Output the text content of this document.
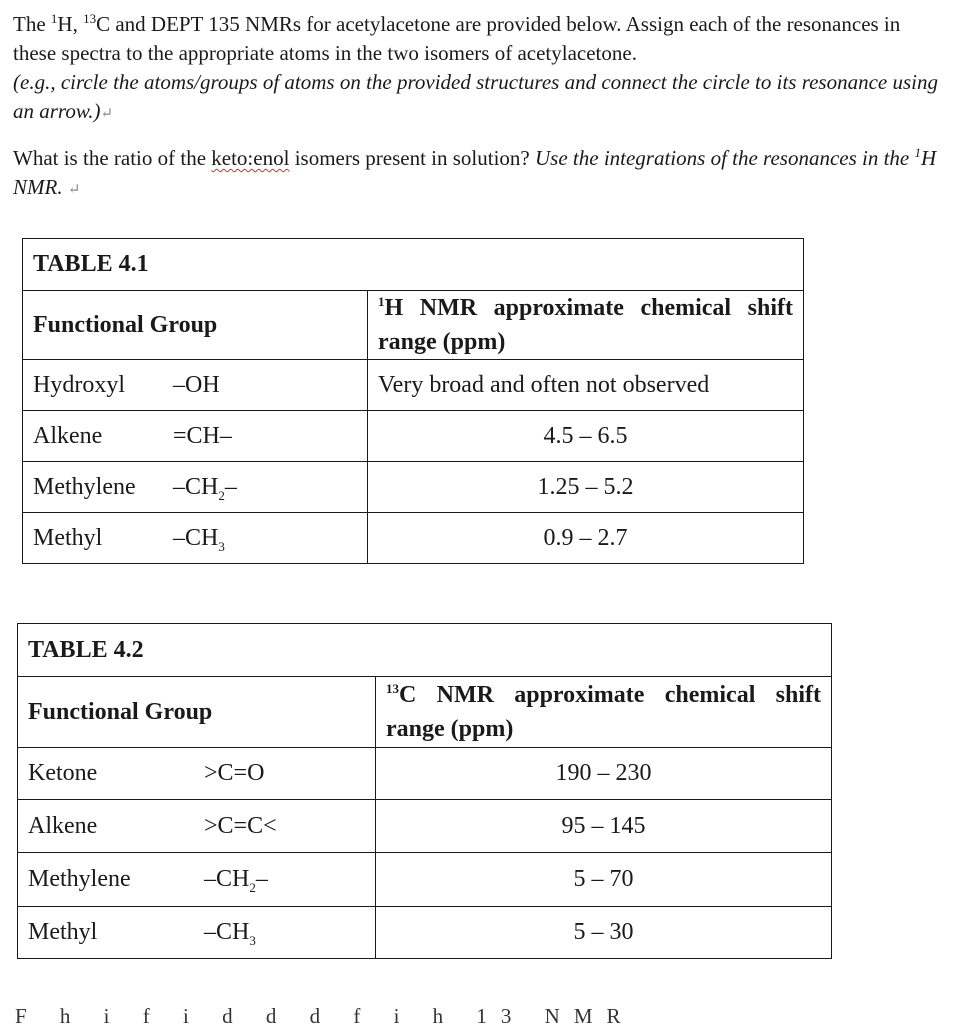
The $^1$H, $^{13}$C and DEPT 135 NMRs for acetylacetone are provided below. Assign each of the resonances in these spectra to the appropriate atoms in the two isomers of acetylacetone.
(e.g., circle the atoms/groups of atoms on the provided structures and connect the circle to its resonance using an arrow.)↵
What is the ratio of the keto:enol isomers present in solution? Use the integrations of the resonances in the $^1$H NMR. ↵
TABLE 4.1	
Functional Group	$^1$H NMR approximate chemical shift range (ppm)
Hydroxyl –OH	Very broad and often not observed
Alkene =CH–	4.5 – 6.5
Methylene $-CH_2-$	1.25 – 5.2
Methyl $-CH_3$	0.9 – 2.7
TABLE 4.2	
Functional Group	$^{13}$C NMR approximate chemical shift range (ppm)
Ketone >C=O	190 – 230
Alkene >C=C<	95 – 145
Methylene $-CH_2-$	5 – 70
Methyl $-CH_3$	5 – 30
F h i f i d d d f i h 13 NMR
